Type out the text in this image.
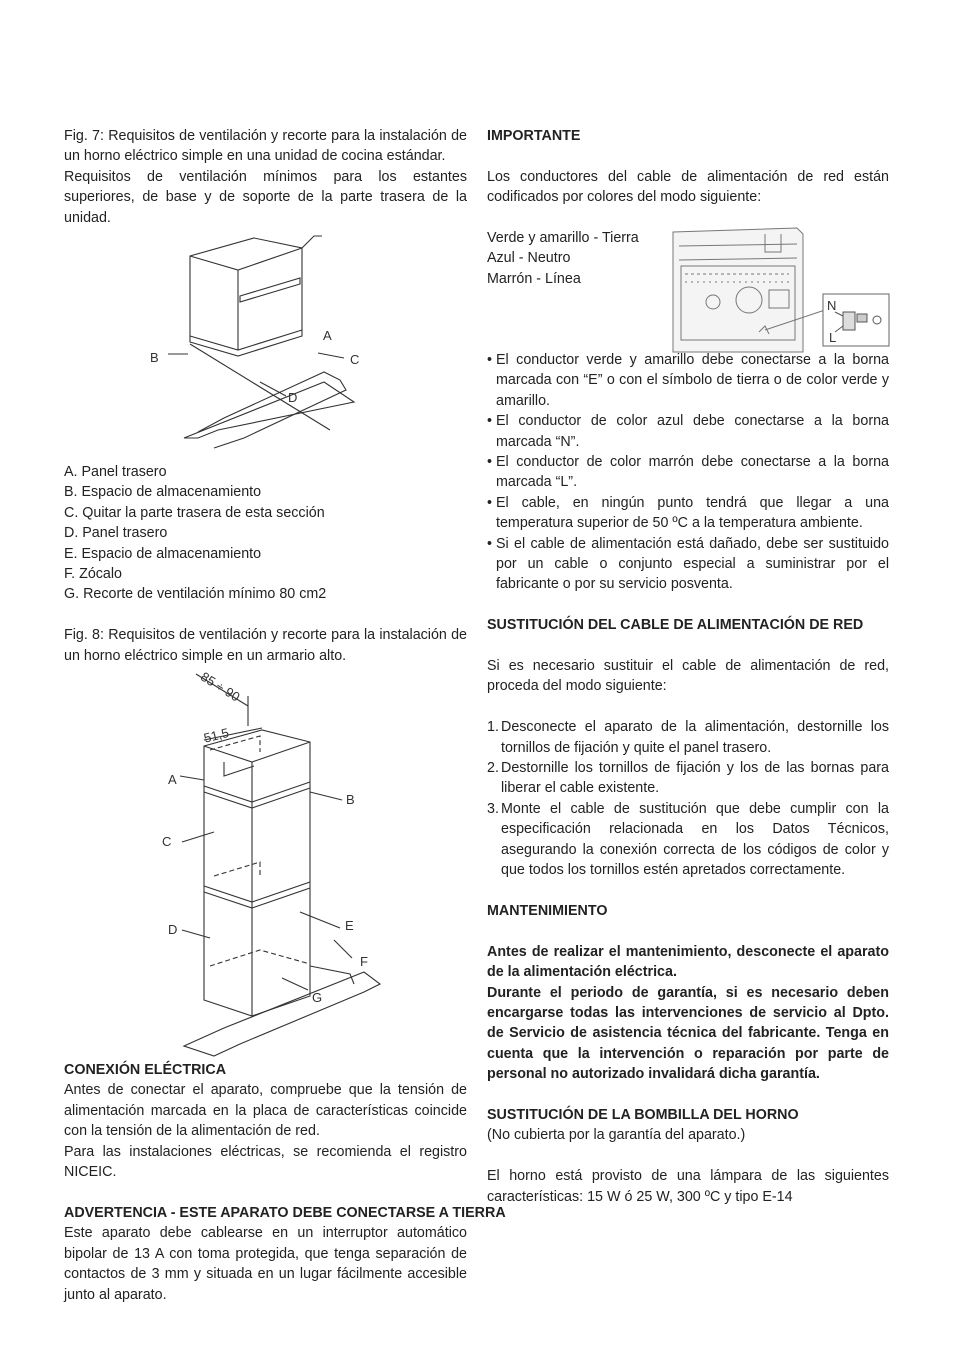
Fig. 7: Requisitos de ventilación y recorte para la instalación de un horno eléctrico simple en una unidad de cocina estándar.

Requisitos de ventilación mínimos para los estantes superiores, de base y de soporte de la parte trasera de la unidad.

A
B	C
D
A. Panel trasero
B. Espacio de almacenamiento
C. Quitar la parte trasera de esta sección
D. Panel trasero
E. Espacio de almacenamiento
F. Zócalo
G. Recorte de ventilación mínimo 80 cm2

Fig. 8: Requisitos de ventilación y recorte para la instalación de un horno eléctrico simple en un armario alto.

85 ÷ 90
51,5
A
B
C
D	E
F
G

CONEXIÓN ELÉCTRICA

Antes de conectar el aparato, compruebe que la tensión de alimentación marcada en la placa de características coincide con la tensión de la alimentación de red.

Para las instalaciones eléctricas, se recomienda el registro NICEIC.

ADVERTENCIA - ESTE APARATO DEBE CONECTARSE A TIERRA

Este aparato debe cablearse en un interruptor automático bipolar de 13 A con toma protegida, que tenga separación de contactos de 3 mm y situada en un lugar fácilmente accesible junto al aparato.

IMPORTANTE

Los conductores del cable de alimentación de red están codificados por colores del modo siguiente:

Verde y amarillo - Tierra

Azul - Neutro

Marrón - Línea

N
L
• El conductor verde y amarillo debe conectarse a la borna marcada con “E” o con el símbolo de tierra o de color verde y amarillo.
• El conductor de color azul debe conectarse a la borna marcada “N”.
• El conductor de color marrón debe conectarse a la borna marcada “L”.
• El cable, en ningún punto tendrá que llegar a una temperatura superior de 50 ºC a la temperatura ambiente.
• Si el cable de alimentación está dañado, debe ser sustituido por un cable o conjunto especial a suministrar por el fabricante o por su servicio posventa.

SUSTITUCIÓN DEL CABLE DE ALIMENTACIÓN DE RED

Si es necesario sustituir el cable de alimentación de red, proceda del modo siguiente:

1. Desconecte el aparato de la alimentación, destornille los tornillos de fijación y quite el panel trasero.
2. Destornille los tornillos de fijación y los de las bornas para liberar el cable existente.
3. Monte el cable de sustitución que debe cumplir con la especificación relacionada en los Datos Técnicos, asegurando la conexión correcta de los códigos de color y que todos los tornillos estén apretados correctamente.

MANTENIMIENTO

Antes de realizar el mantenimiento, desconecte el aparato de la alimentación eléctrica.

Durante el periodo de garantía, si es necesario deben encargarse todas las intervenciones de servicio al Dpto. de Servicio de asistencia técnica del fabricante. Tenga en cuenta que la intervención o reparación por parte de personal no autorizado invalidará dicha garantía.

SUSTITUCIÓN DE LA BOMBILLA DEL HORNO

(No cubierta por la garantía del aparato.)

El horno está provisto de una lámpara de las siguientes características: 15 W ó 25 W, 300 ºC y tipo E-14
